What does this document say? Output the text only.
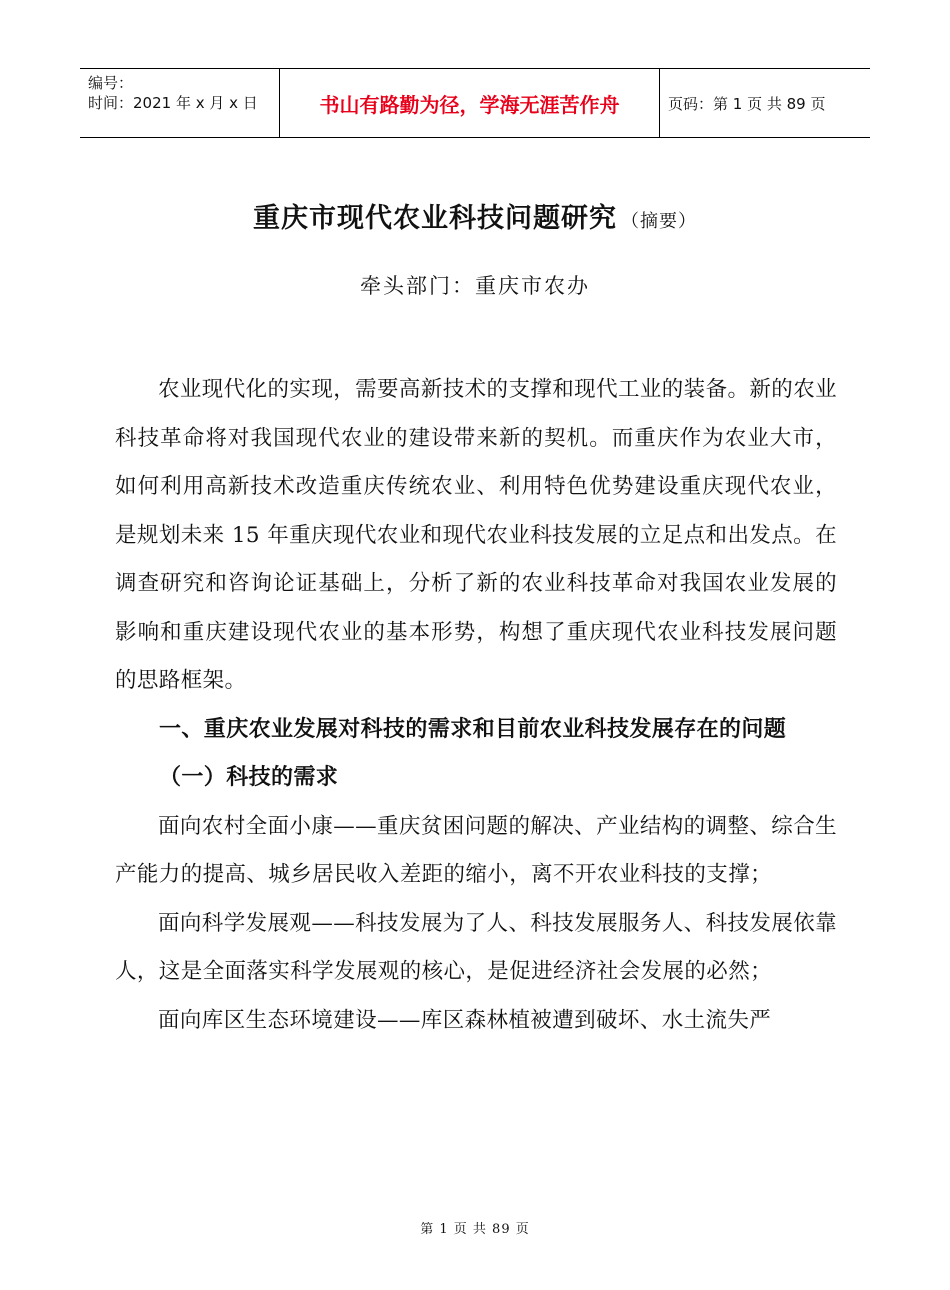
编号：
时间：2021 年 x 月 x 日	书山有路勤为径，学海无涯苦作舟	页码：第 1 页 共 89 页
重庆市现代农业科技问题研究 （摘要）
牵头部门：重庆市农办

农业现代化的实现，需要高新技术的支撑和现代工业的装备。新的农业科技革命将对我国现代农业的建设带来新的契机。而重庆作为农业大市，如何利用高新技术改造重庆传统农业、利用特色优势建设重庆现代农业，是规划未来 15 年重庆现代农业和现代农业科技发展的立足点和出发点。在调查研究和咨询论证基础上，分析了新的农业科技革命对我国农业发展的影响和重庆建设现代农业的基本形势，构想了重庆现代农业科技发展问题的思路框架。

一、重庆农业发展对科技的需求和目前农业科技发展存在的问题
（一）科技的需求

面向农村全面小康——重庆贫困问题的解决、产业结构的调整、综合生产能力的提高、城乡居民收入差距的缩小，离不开农业科技的支撑；

面向科学发展观——科技发展为了人、科技发展服务人、科技发展依靠人，这是全面落实科学发展观的核心，是促进经济社会发展的必然；

面向库区生态环境建设——库区森林植被遭到破坏、水土流失严

第 1 页 共 89 页
